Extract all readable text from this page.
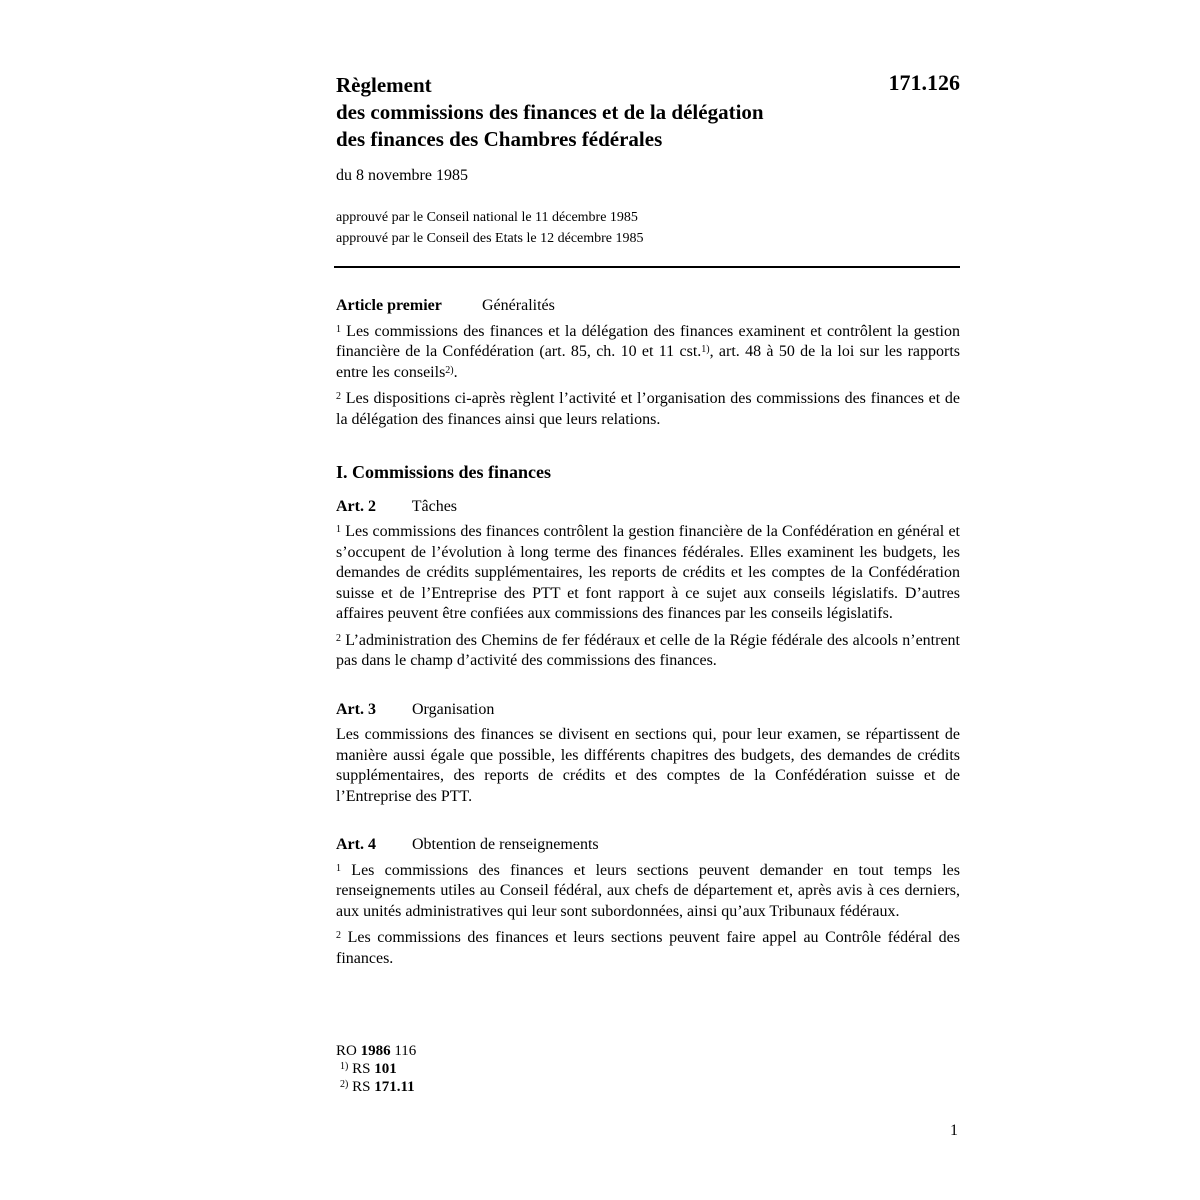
Règlement
des commissions des finances et de la délégation
des finances des Chambres fédérales
171.126
du 8 novembre 1985
approuvé par le Conseil national le 11 décembre 1985
approuvé par le Conseil des Etats le 12 décembre 1985
Article premier	Généralités

$^1$ Les commissions des finances et la délégation des finances examinent et contrôlent la gestion financière de la Confédération (art. 85, ch. 10 et 11 cst.$^{1)}$, art. 48 à 50 de la loi sur les rapports entre les conseils$^{2)}$.

$^2$ Les dispositions ci-après règlent l’activité et l’organisation des commissions des finances et de la délégation des finances ainsi que leurs relations.

I. Commissions des finances
Art. 2 Tâches

$^1$ Les commissions des finances contrôlent la gestion financière de la Confédération en général et s’occupent de l’évolution à long terme des finances fédérales. Elles examinent les budgets, les demandes de crédits supplémentaires, les reports de crédits et les comptes de la Confédération suisse et de l’Entreprise des PTT et font rapport à ce sujet aux conseils législatifs. D’autres affaires peuvent être confiées aux commissions des finances par les conseils législatifs.

$^2$ L’administration des Chemins de fer fédéraux et celle de la Régie fédérale des alcools n’entrent pas dans le champ d’activité des commissions des finances.

Art. 3 Organisation

Les commissions des finances se divisent en sections qui, pour leur examen, se répartissent de manière aussi égale que possible, les différents chapitres des budgets, des demandes de crédits supplémentaires, des reports de crédits et des comptes de la Confédération suisse et de l’Entreprise des PTT.

Art. 4 Obtention de renseignements

$^1$ Les commissions des finances et leurs sections peuvent demander en tout temps les renseignements utiles au Conseil fédéral, aux chefs de département et, après avis à ces derniers, aux unités administratives qui leur sont subordonnées, ainsi qu’aux Tribunaux fédéraux.

$^2$ Les commissions des finances et leurs sections peuvent faire appel au Contrôle fédéral des finances.

RO 1986 116
$^{1)}$ RS 101
$^{2)}$ RS 171.11
1
